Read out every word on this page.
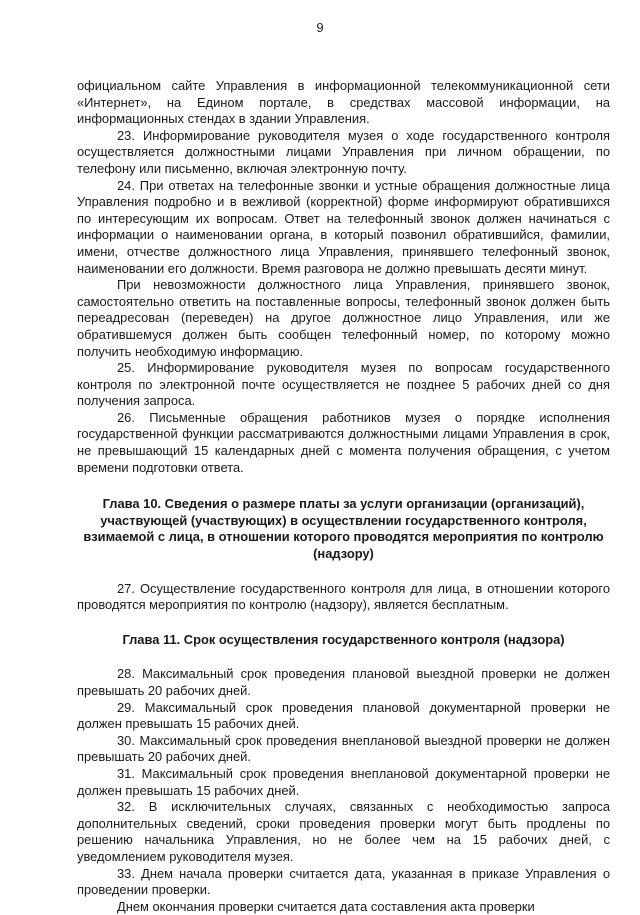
9

официальном сайте Управления в информационной телекоммуникационной сети «Интернет», на Едином портале, в средствах массовой информации, на информационных стендах в здании Управления.

23. Информирование руководителя музея о ходе государственного контроля осуществляется должностными лицами Управления при личном обращении, по телефону или письменно, включая электронную почту.

24. При ответах на телефонные звонки и устные обращения должностные лица Управления подробно и в вежливой (корректной) форме информируют обратившихся по интересующим их вопросам. Ответ на телефонный звонок должен начинаться с информации о наименовании органа, в который позвонил обратившийся, фамилии, имени, отчестве должностного лица Управления, принявшего телефонный звонок, наименовании его должности. Время разговора не должно превышать десяти минут.

При невозможности должностного лица Управления, принявшего звонок, самостоятельно ответить на поставленные вопросы, телефонный звонок должен быть переадресован (переведен) на другое должностное лицо Управления, или же обратившемуся должен быть сообщен телефонный номер, по которому можно получить необходимую информацию.

25. Информирование руководителя музея по вопросам государственного контроля по электронной почте осуществляется не позднее 5 рабочих дней со дня получения запроса.

26. Письменные обращения работников музея о порядке исполнения государственной функции рассматриваются должностными лицами Управления в срок, не превышающий 15 календарных дней с момента получения обращения, с учетом времени подготовки ответа.

Глава 10. Сведения о размере платы за услуги организации (организаций), участвующей (участвующих) в осуществлении государственного контроля, взимаемой с лица, в отношении которого проводятся мероприятия по контролю (надзору)

27. Осуществление государственного контроля для лица, в отношении которого проводятся мероприятия по контролю (надзору), является бесплатным.

Глава 11. Срок осуществления государственного контроля (надзора)

28. Максимальный срок проведения плановой выездной проверки не должен превышать 20 рабочих дней.

29. Максимальный срок проведения плановой документарной проверки не должен превышать 15 рабочих дней.

30. Максимальный срок проведения внеплановой выездной проверки не должен превышать 20 рабочих дней.

31. Максимальный срок проведения внеплановой документарной проверки не должен превышать 15 рабочих дней.

32. В исключительных случаях, связанных с необходимостью запроса дополнительных сведений, сроки проведения проверки могут быть продлены по решению начальника Управления, но не более чем на 15 рабочих дней, с уведомлением руководителя музея.

33. Днем начала проверки считается дата, указанная в приказе Управления о проведении проверки.

Днем окончания проверки считается дата составления акта проверки
